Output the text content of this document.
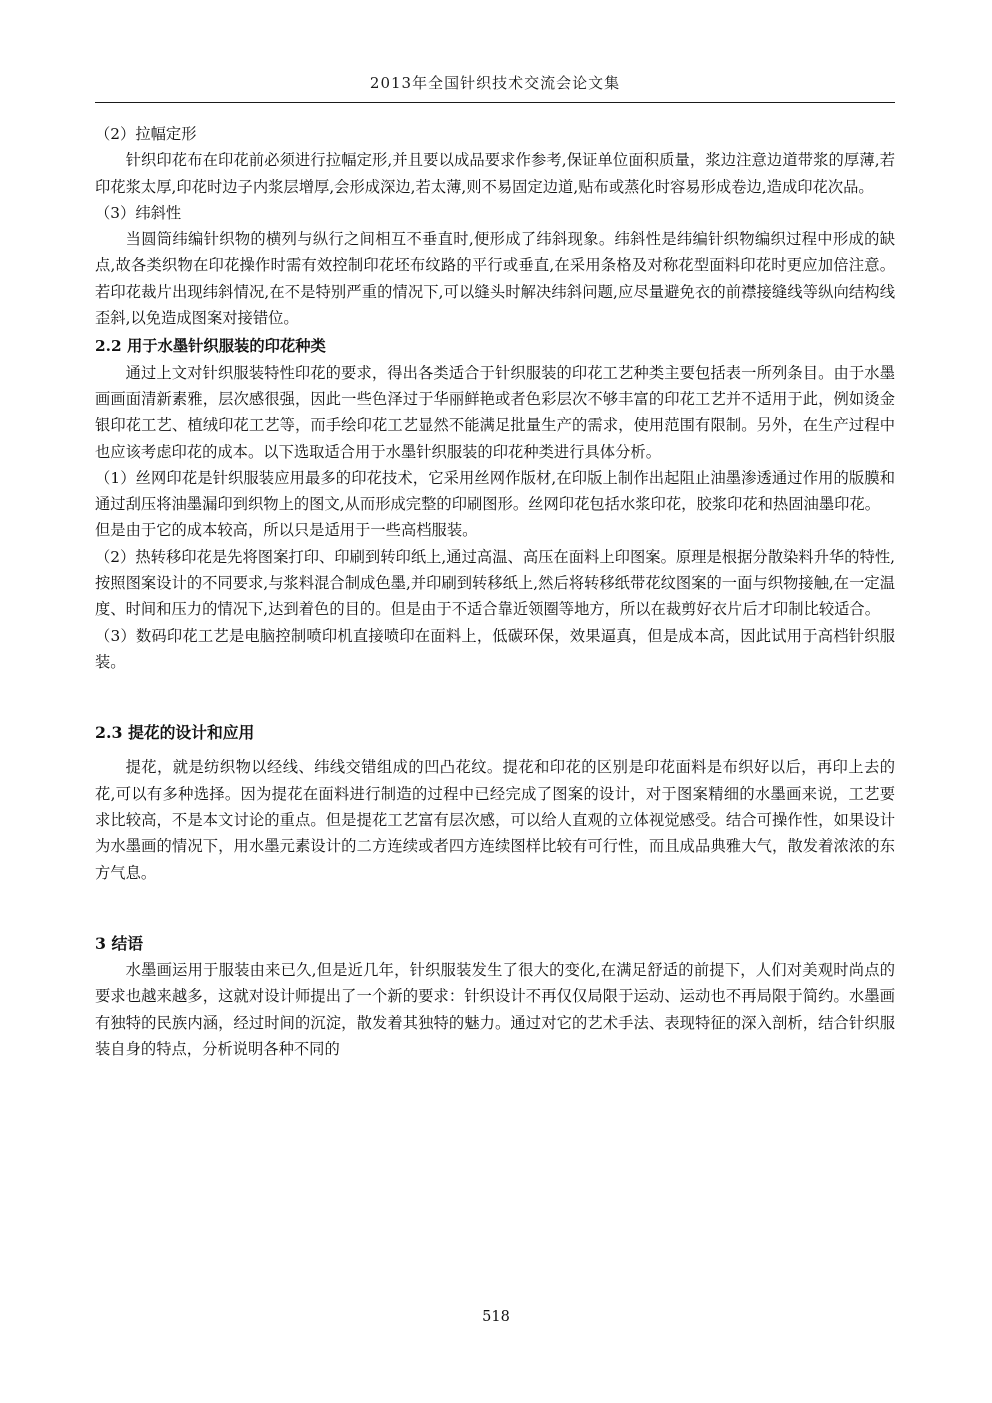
2013年全国针织技术交流会论文集

（2）拉幅定形

针织印花布在印花前必须进行拉幅定形,并且要以成品要求作参考,保证单位面积质量，浆边注意边道带浆的厚薄,若印花浆太厚,印花时边子内浆层增厚,会形成深边,若太薄,则不易固定边道,贴布或蒸化时容易形成卷边,造成印花次品。

（3）纬斜性

当圆筒纬编针织物的横列与纵行之间相互不垂直时,便形成了纬斜现象。纬斜性是纬编针织物编织过程中形成的缺点,故各类织物在印花操作时需有效控制印花坯布纹路的平行或垂直,在采用条格及对称花型面料印花时更应加倍注意。若印花裁片出现纬斜情况,在不是特别严重的情况下,可以缝头时解决纬斜问题,应尽量避免衣的前襟接缝线等纵向结构线歪斜,以免造成图案对接错位。

2.2 用于水墨针织服装的印花种类

通过上文对针织服装特性印花的要求，得出各类适合于针织服装的印花工艺种类主要包括表一所列条目。由于水墨画画面清新素雅，层次感很强，因此一些色泽过于华丽鲜艳或者色彩层次不够丰富的印花工艺并不适用于此，例如烫金银印花工艺、植绒印花工艺等，而手绘印花工艺显然不能满足批量生产的需求，使用范围有限制。另外，在生产过程中也应该考虑印花的成本。以下选取适合用于水墨针织服装的印花种类进行具体分析。

（1）丝网印花是针织服装应用最多的印花技术，它采用丝网作版材,在印版上制作出起阻止油墨渗透通过作用的版膜和通过刮压将油墨漏印到织物上的图文,从而形成完整的印刷图形。丝网印花包括水浆印花，胶浆印花和热固油墨印花。

但是由于它的成本较高，所以只是适用于一些高档服装。

（2）热转移印花是先将图案打印、印刷到转印纸上,通过高温、高压在面料上印图案。原理是根据分散染料升华的特性,按照图案设计的不同要求,与浆料混合制成色墨,并印刷到转移纸上,然后将转移纸带花纹图案的一面与织物接触,在一定温度、时间和压力的情况下,达到着色的目的。但是由于不适合靠近领圈等地方，所以在裁剪好衣片后才印制比较适合。

（3）数码印花工艺是电脑控制喷印机直接喷印在面料上，低碳环保，效果逼真，但是成本高，因此试用于高档针织服装。

2.3 提花的设计和应用

提花，就是纺织物以经线、纬线交错组成的凹凸花纹。提花和印花的区别是印花面料是布织好以后，再印上去的花,可以有多种选择。因为提花在面料进行制造的过程中已经完成了图案的设计，对于图案精细的水墨画来说，工艺要求比较高，不是本文讨论的重点。但是提花工艺富有层次感，可以给人直观的立体视觉感受。结合可操作性，如果设计为水墨画的情况下，用水墨元素设计的二方连续或者四方连续图样比较有可行性，而且成品典雅大气，散发着浓浓的东方气息。

3 结语

水墨画运用于服装由来已久,但是近几年，针织服装发生了很大的变化,在满足舒适的前提下，人们对美观时尚点的要求也越来越多，这就对设计师提出了一个新的要求：针织设计不再仅仅局限于运动、运动也不再局限于简约。水墨画有独特的民族内涵，经过时间的沉淀，散发着其独特的魅力。通过对它的艺术手法、表现特征的深入剖析，结合针织服装自身的特点，分析说明各种不同的

518
